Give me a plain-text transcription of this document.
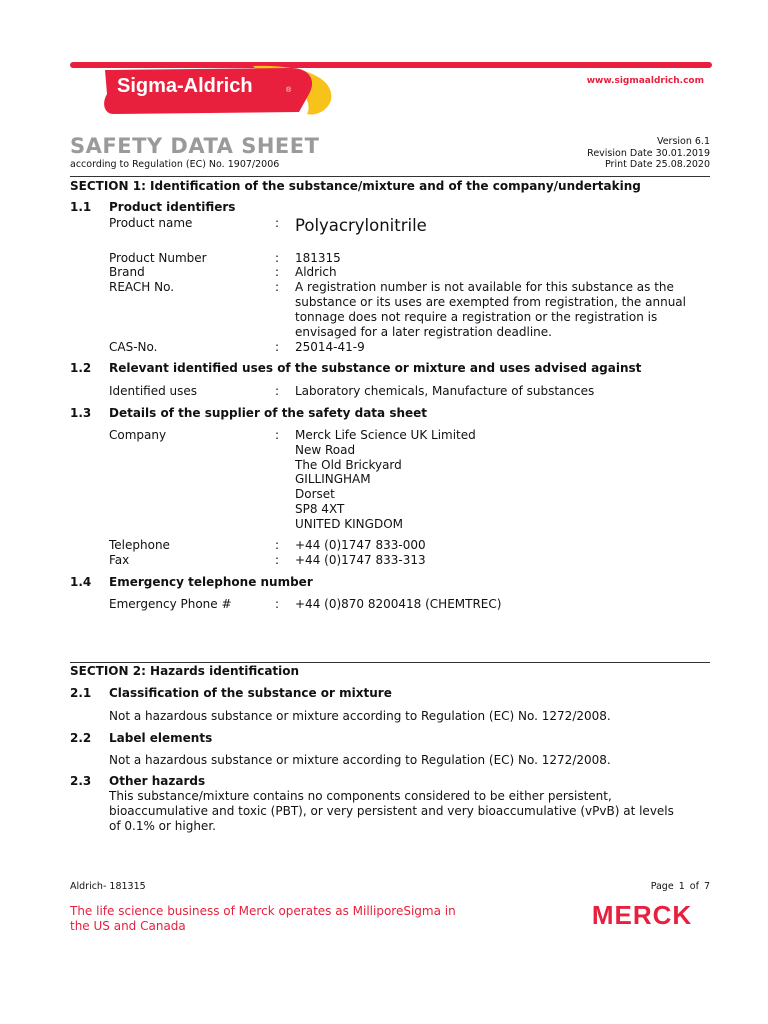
Sigma-Aldrich	®
www.sigmaaldrich.com
SAFETY DATA SHEET
according to Regulation (EC) No. 1907/2006
Version 6.1
Revision Date 30.01.2019
Print Date 25.08.2020
SECTION 1: Identification of the substance/mixture and of the company/undertaking
1.1 Product identifiers
Product name	: Polyacrylonitrile
Product Number	: 181315
Brand	: Aldrich
REACH No.	: A registration number is not available for this substance as the substance or its uses are exempted from registration, the annual tonnage does not require a registration or the registration is envisaged for a later registration deadline.
CAS-No.	: 25014-41-9
1.2 Relevant identified uses of the substance or mixture and uses advised against
Identified uses	: Laboratory chemicals, Manufacture of substances
1.3 Details of the supplier of the safety data sheet
Company	: Merck Life Science UK Limited
New Road
The Old Brickyard
GILLINGHAM
Dorset
SP8 4XT
UNITED KINGDOM
Telephone	: +44 (0)1747 833-000
Fax	: +44 (0)1747 833-313
1.4 Emergency telephone number
Emergency Phone #	: +44 (0)870 8200418 (CHEMTREC)
SECTION 2: Hazards identification
2.1 Classification of the substance or mixture
Not a hazardous substance or mixture according to Regulation (EC) No. 1272/2008.
2.2 Label elements
Not a hazardous substance or mixture according to Regulation (EC) No. 1272/2008.
2.3 Other hazards
This substance/mixture contains no components considered to be either persistent, bioaccumulative and toxic (PBT), or very persistent and very bioaccumulative (vPvB) at levels of 0.1% or higher.
Aldrich- 181315	Page 1 of 7
The life science business of Merck operates as MilliporeSigma in the US and Canada	MERCK
